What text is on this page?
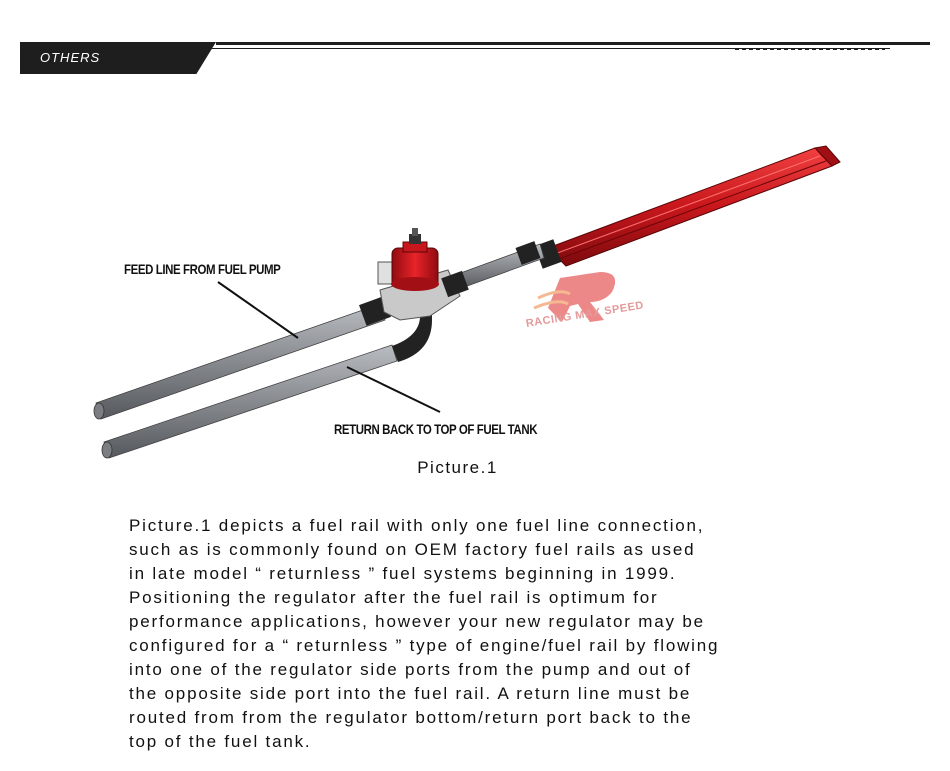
OTHERS
FEED LINE FROM FUEL PUMP
RETURN BACK TO TOP OF FUEL TANK
RACING MAX SPEED
Picture.1
Picture.1 depicts a fuel rail with only one fuel line connection,
such as is commonly found on OEM factory fuel rails as used
in late model “ returnless ” fuel systems beginning in 1999.
Positioning the regulator after the fuel rail is optimum for
performance applications, however your new regulator may be
configured for a “ returnless ” type of engine/fuel rail by flowing
into one of the regulator side ports from the pump and out of
the opposite side port into the fuel rail. A return line must be
routed from from the regulator bottom/return port back to the
top of the fuel tank.
